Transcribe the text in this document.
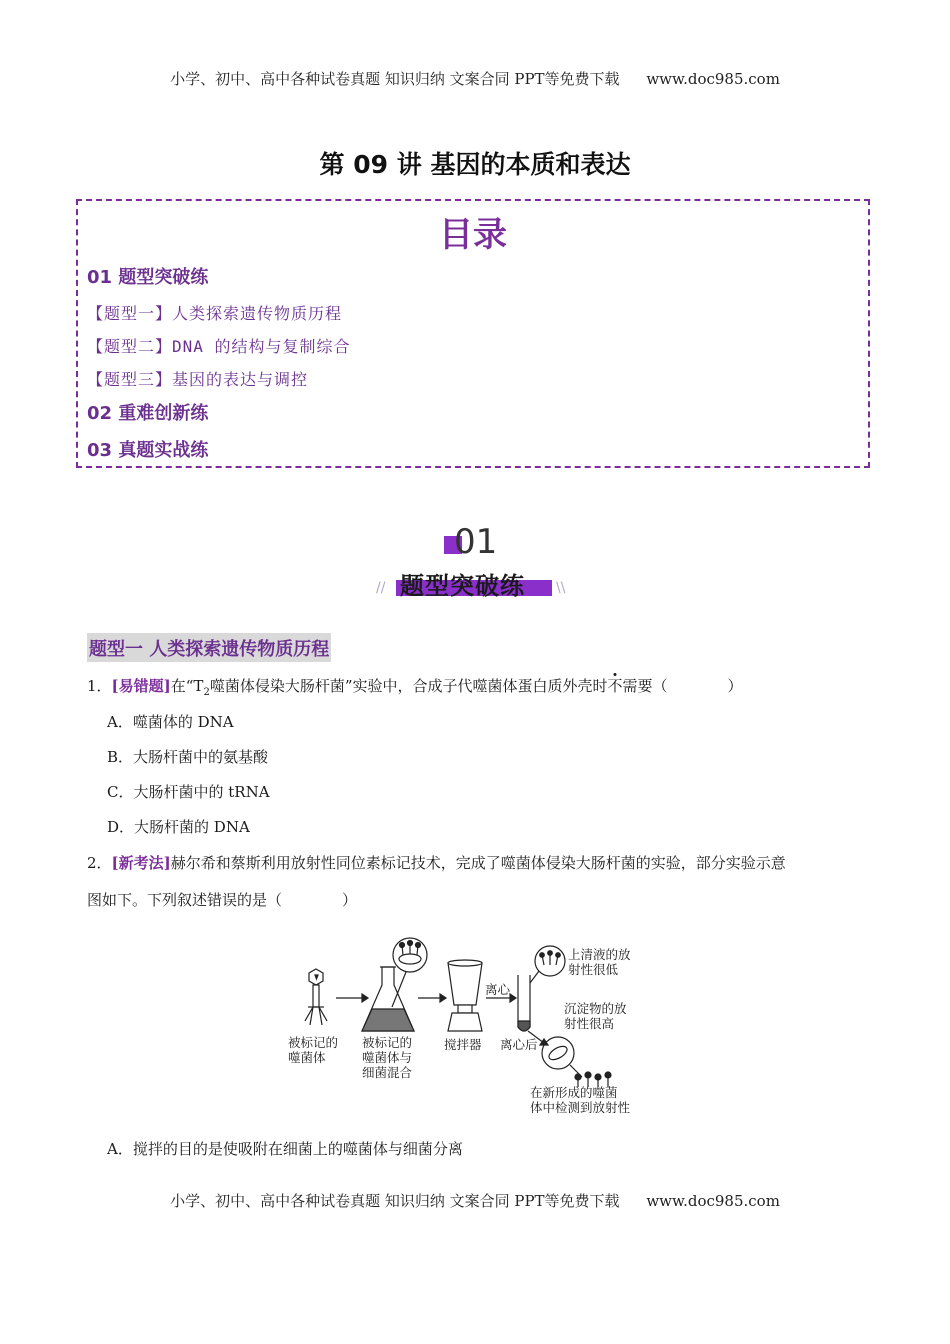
小学、初中、高中各种试卷真题 知识归纳 文案合同 PPT等免费下载 www.doc985.com
第 09 讲 基因的本质和表达
目录
01 题型突破练
【题型一】人类探索遗传物质历程
【题型二】DNA 的结构与复制综合
【题型三】基因的表达与调控
02 重难创新练
03 真题实战练
01
题型突破练
//	\\
题型一 人类探索遗传物质历程
1．[易错题]在“$T_2$噬菌体侵染大肠杆菌”实验中，合成子代噬菌体蛋白质外壳时不需要（　　　　）
A．噬菌体的 DNA
B．大肠杆菌中的氨基酸
C．大肠杆菌中的 tRNA
D．大肠杆菌的 DNA
2．[新考法]赫尔希和蔡斯利用放射性同位素标记技术，完成了噬菌体侵染大肠杆菌的实验，部分实验示意
图如下。下列叙述错误的是（　　　　）
被标记的
噬菌体
被标记的
噬菌体与
细菌混合
搅拌器
离心
离心后
上清液的放
射性很低
沉淀物的放
射性很高
在新形成的噬菌
体中检测到放射性
A．搅拌的目的是使吸附在细菌上的噬菌体与细菌分离
小学、初中、高中各种试卷真题 知识归纳 文案合同 PPT等免费下载 www.doc985.com
